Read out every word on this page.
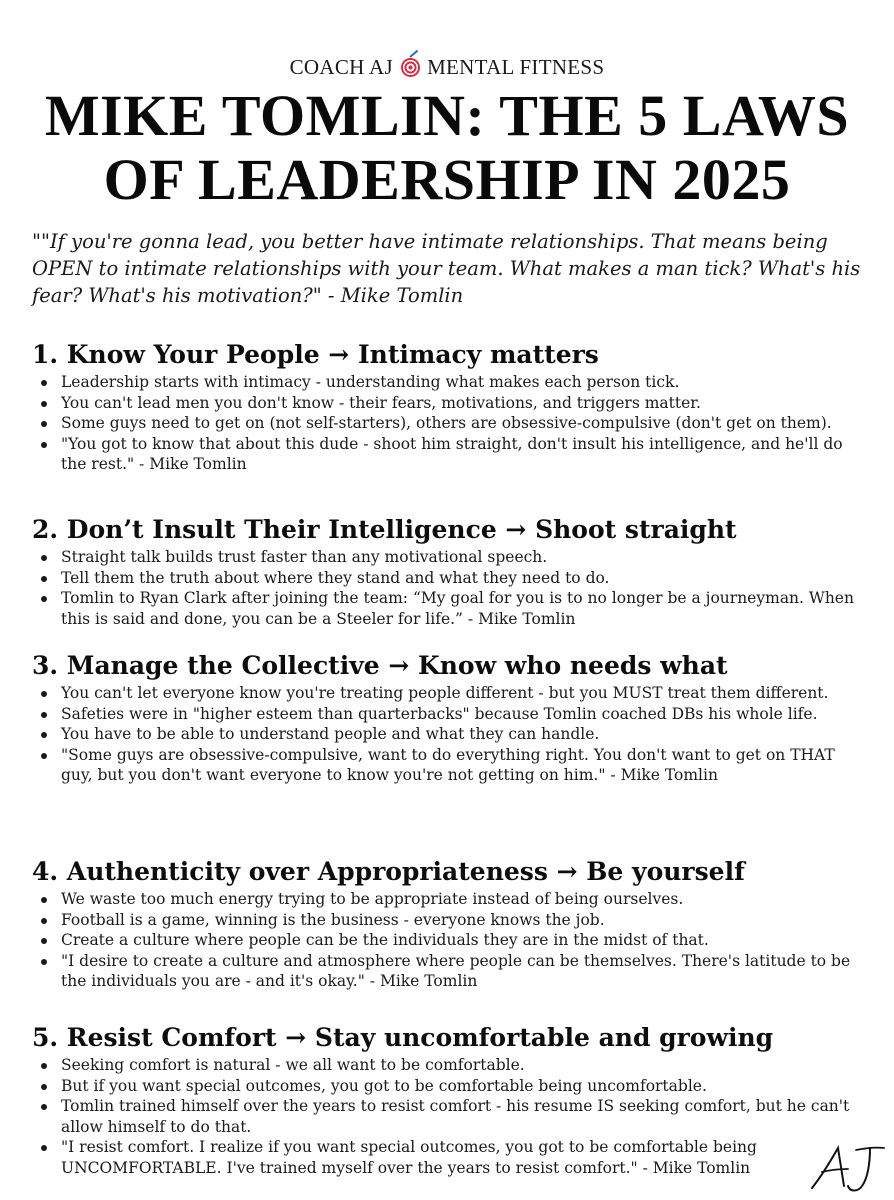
COACH AJ MENTAL FITNESS
MIKE TOMLIN: THE 5 LAWS OF LEADERSHIP IN 2025

""If you're gonna lead, you better have intimate relationships. That means being OPEN to intimate relationships with your team. What makes a man tick? What's his fear? What's his motivation?" - Mike Tomlin

1. Know Your People → Intimacy matters
Leadership starts with intimacy - understanding what makes each person tick.
You can't lead men you don't know - their fears, motivations, and triggers matter.
Some guys need to get on (not self-starters), others are obsessive-compulsive (don't get on them).
"You got to know that about this dude - shoot him straight, don't insult his intelligence, and he'll do the rest." - Mike Tomlin
2. Don’t Insult Their Intelligence → Shoot straight
Straight talk builds trust faster than any motivational speech.
Tell them the truth about where they stand and what they need to do.
Tomlin to Ryan Clark after joining the team: “My goal for you is to no longer be a journeyman. When this is said and done, you can be a Steeler for life.” - Mike Tomlin
3. Manage the Collective → Know who needs what
You can't let everyone know you're treating people different - but you MUST treat them different.
Safeties were in "higher esteem than quarterbacks" because Tomlin coached DBs his whole life.
You have to be able to understand people and what they can handle.
"Some guys are obsessive-compulsive, want to do everything right. You don't want to get on THAT guy, but you don't want everyone to know you're not getting on him." - Mike Tomlin
4. Authenticity over Appropriateness → Be yourself
We waste too much energy trying to be appropriate instead of being ourselves.
Football is a game, winning is the business - everyone knows the job.
Create a culture where people can be the individuals they are in the midst of that.
"I desire to create a culture and atmosphere where people can be themselves. There's latitude to be the individuals you are - and it's okay." - Mike Tomlin
5. Resist Comfort → Stay uncomfortable and growing
Seeking comfort is natural - we all want to be comfortable.
But if you want special outcomes, you got to be comfortable being uncomfortable.
Tomlin trained himself over the years to resist comfort - his resume IS seeking comfort, but he can't allow himself to do that.
"I resist comfort. I realize if you want special outcomes, you got to be comfortable being UNCOMFORTABLE. I've trained myself over the years to resist comfort." - Mike Tomlin
